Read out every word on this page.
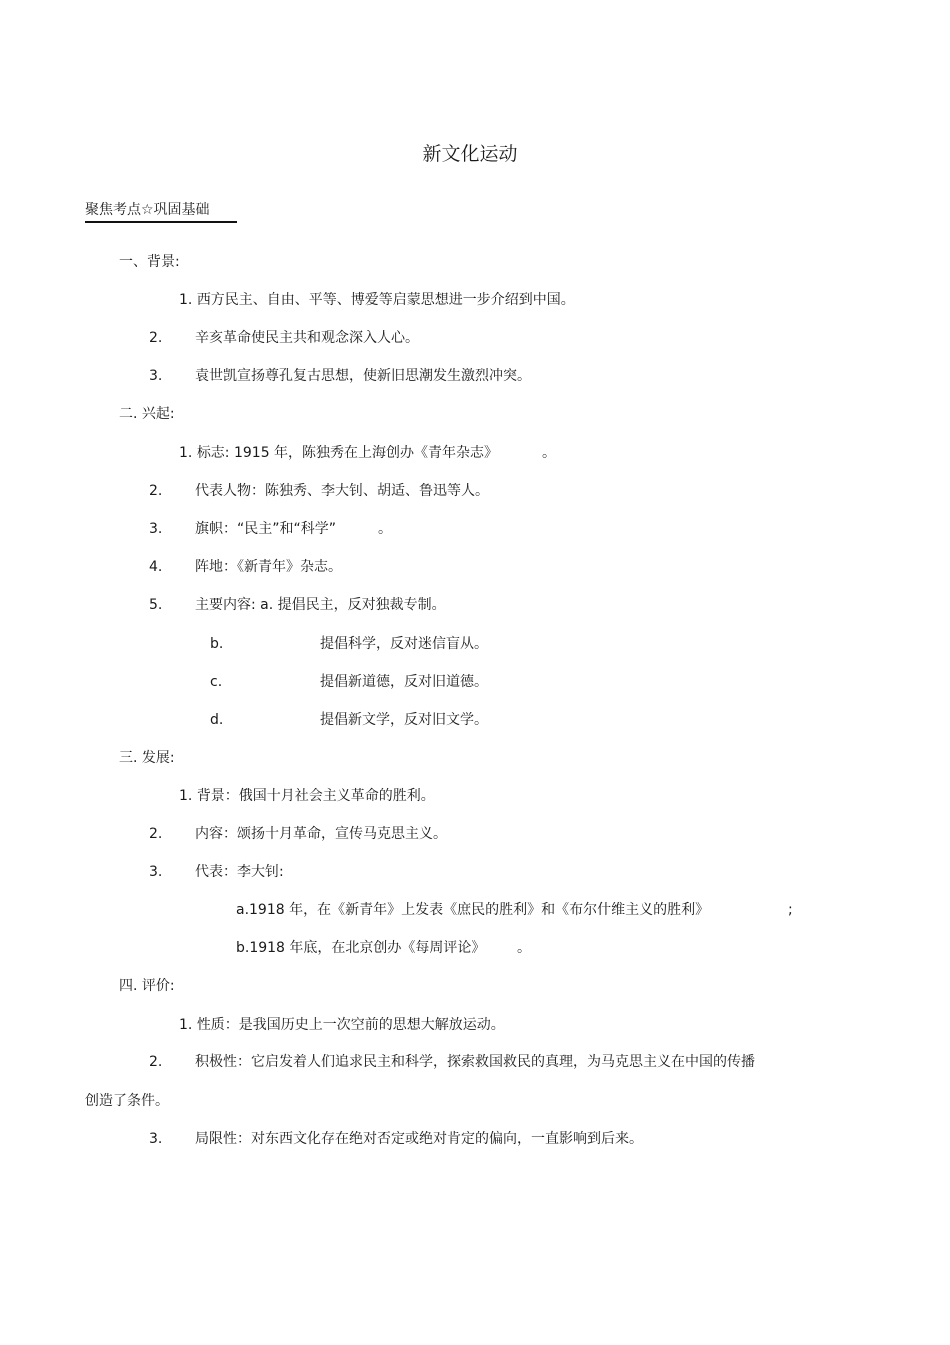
新文化运动
聚焦考点☆巩固基础
一、背景:
1. 西方民主、自由、平等、博爱等启蒙思想进一步介绍到中国。
2. 辛亥革命使民主共和观念深入人心。
3. 袁世凯宣扬尊孔复古思想，使新旧思潮发生激烈冲突。
二. 兴起:
1. 标志: 1915 年，陈独秀在上海创办《青年杂志》	。
2. 代表人物：陈独秀、李大钊、胡适、鲁迅等人。
3. 旗帜：“民主”和“科学”	。
4. 阵地：《新青年》杂志。
5. 主要内容: a. 提倡民主，反对独裁专制。
b.	提倡科学，反对迷信盲从。
c.	提倡新道德，反对旧道德。
d.	提倡新文学，反对旧文学。
三. 发展:
1. 背景：俄国十月社会主义革命的胜利。
2. 内容：颂扬十月革命，宣传马克思主义。
3. 代表：李大钊:
a.1918 年，在《新青年》上发表《庶民的胜利》和《布尔什维主义的胜利》	;
b.1918 年底，在北京创办《每周评论》 。
四. 评价:
1. 性质：是我国历史上一次空前的思想大解放运动。
2. 积极性：它启发着人们追求民主和科学，探索救国救民的真理，为马克思主义在中国的传播
创造了条件。
3. 局限性：对东西文化存在绝对否定或绝对肯定的偏向，一直影响到后来。
